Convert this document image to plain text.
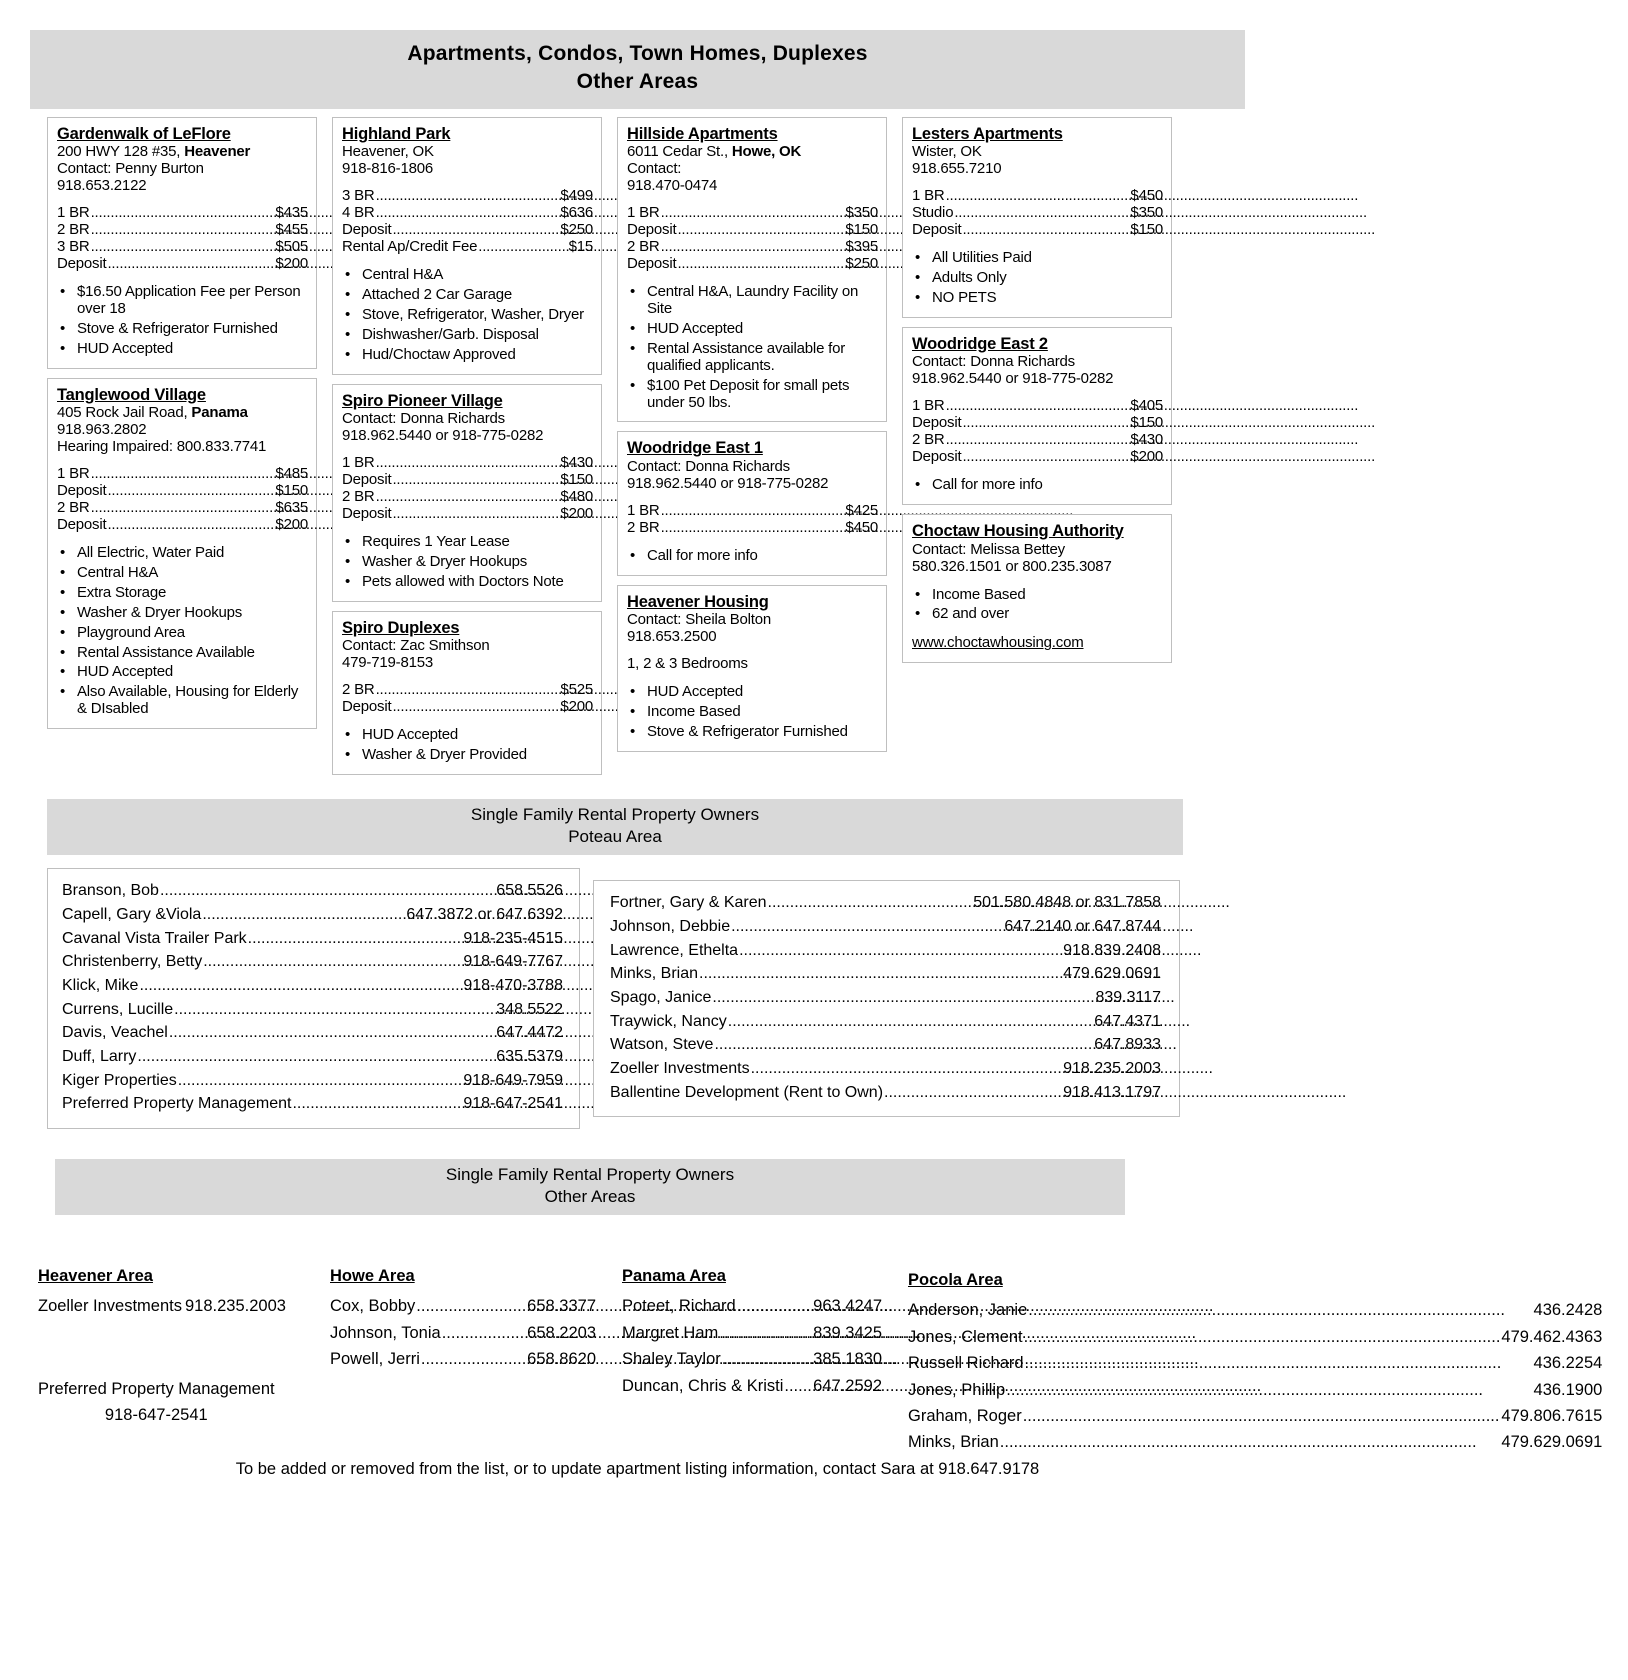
Apartments, Condos, Town Homes, Duplexes
Other Areas
Gardenwalk of LeFlore
200 HWY 128 #35, Heavener
Contact: Penny Burton
918.653.2122
1 BR .....	$435
2 BR .....	$455
3 BR .....	$505
Deposit .....	$200
•
$16.50 Application Fee per Person over 18
•
Stove & Refrigerator Furnished
•
HUD Accepted
Tanglewood Village
405 Rock Jail Road, Panama
918.963.2802
Hearing Impaired: 800.833.7741
1 BR .....	$485
Deposit .....	$150
2 BR .....	$635
Deposit .....	$200
•
All Electric, Water Paid
•
Central H&A
•
Extra Storage
•
Washer & Dryer Hookups
•
Playground Area
•
Rental Assistance Available
•
HUD Accepted
•
Also Available, Housing for Elderly & DIsabled
Highland Park
Heavener, OK
918-816-1806
3 BR .....	$499
4 BR .....	$636
Deposit .....	$250
Rental Ap/Credit Fee .....	$15
•
Central H&A
•
Attached 2 Car Garage
•
Stove, Refrigerator, Washer, Dryer
•
Dishwasher/Garb. Disposal
•
Hud/Choctaw Approved
Spiro Pioneer Village
Contact: Donna Richards
918.962.5440 or 918-775-0282
1 BR .....	$430
Deposit .....	$150
2 BR .....	$480
Deposit .....	$200
•
Requires 1 Year Lease
•
Washer & Dryer Hookups
•
Pets allowed with Doctors Note
Spiro Duplexes
Contact: Zac Smithson
479-719-8153
2 BR .....	$525
Deposit .....	$200
•
HUD Accepted
•
Washer & Dryer Provided
Hillside Apartments
6011 Cedar St., Howe, OK
Contact:
918.470-0474
1 BR .....	$350
Deposit .....	$150
2 BR .....	$395
Deposit .....	$250
•
Central H&A, Laundry Facility on Site
•
HUD Accepted
•
Rental Assistance available for qualified applicants.
•
$100 Pet Deposit for small pets under 50 lbs.
Woodridge East 1
Contact: Donna Richards
918.962.5440 or 918-775-0282
1 BR .....	$425
2 BR .....	$450
•
Call for more info
Heavener Housing
Contact: Sheila Bolton
918.653.2500
1, 2 & 3 Bedrooms
•
HUD Accepted
•
Income Based
•
Stove & Refrigerator Furnished
Lesters Apartments
Wister, OK
918.655.7210
1 BR .....	$450
Studio .....	$350
Deposit .....	$150
•
All Utilities Paid
•
Adults Only
•
NO PETS
Woodridge East 2
Contact: Donna Richards
918.962.5440 or 918-775-0282
1 BR .....	$405
Deposit .....	$150
2 BR .....	$430
Deposit .....	$200
•
Call for more info
Choctaw Housing Authority
Contact: Melissa Bettey
580.326.1501 or 800.235.3087
•
Income Based
•
62 and over
www.choctawhousing.com
Single Family Rental Property Owners
Poteau Area
Branson, Bob .....	658.5526
Capell, Gary &Viola .....	647.3872 or 647.6392
Cavanal Vista Trailer Park .....	918-235-4515
Christenberry, Betty .....	918-649-7767
Klick, Mike .....	918-470-3788
Currens, Lucille .....	348.5522
Davis, Veachel .....	647.4472
Duff, Larry .....	635.5379
Kiger Properties .....	918-649-7959
Preferred Property Management .....	918-647-2541
Fortner, Gary & Karen .....	501.580.4848 or 831.7858
Johnson, Debbie .....	647.2140 or 647.8744
Lawrence, Ethelta .....	918.839.2408
Minks, Brian .....	479.629.0691
Spago, Janice .....	839.3117
Traywick, Nancy .....	647.4371
Watson, Steve .....	647.8933
Zoeller Investments .....	918.235.2003
Ballentine Development (Rent to Own) .....	918.413.1797
Single Family Rental Property Owners
Other Areas
Heavener Area
Zoeller Investments 918.235.2003
Howe Area
Cox, Bobby .....	658.3377
Johnson, Tonia .....	658.2203
Powell, Jerri .....	658.8620
Panama Area
Poteet, Richard .....	963.4247
Margret Ham .....	839.3425
Shaley Taylor .....	385.1830
Duncan, Chris & Kristi ..... 647.2592
Pocola Area
Anderson, Janie .....	436.2428
Jones, Clement .....	479.462.4363
Russell Richard .....	436.2254
Jones, Phillip .....	436.1900
Graham, Roger .....	479.806.7615
Minks, Brian .....	479.629.0691
Preferred Property Management
918-647-2541
To be added or removed from the list, or to update apartment listing information, contact Sara at 918.647.9178
